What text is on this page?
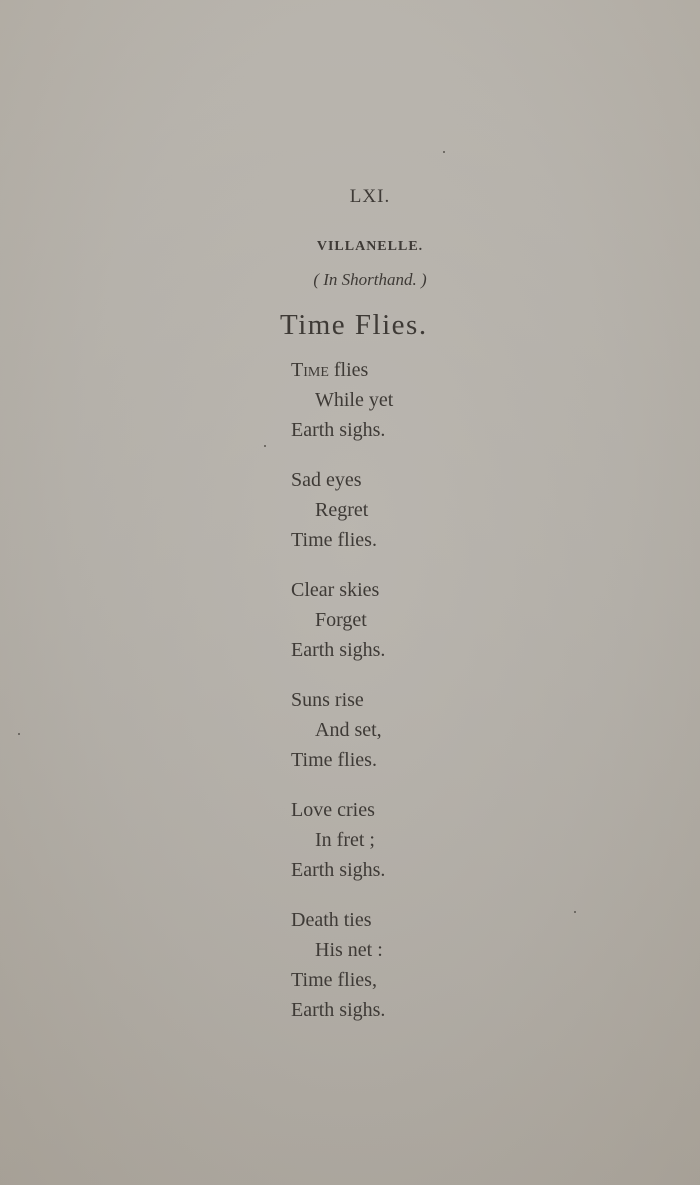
LXI.
VILLANELLE.
( In Shorthand. )
Time Flies.
Time flies
While yet
Earth sighs.
Sad eyes
Regret
Time flies.
Clear skies
Forget
Earth sighs.
Suns rise
And set,
Time flies.
Love cries
In fret ;
Earth sighs.
Death ties
His net :
Time flies,
Earth sighs.
